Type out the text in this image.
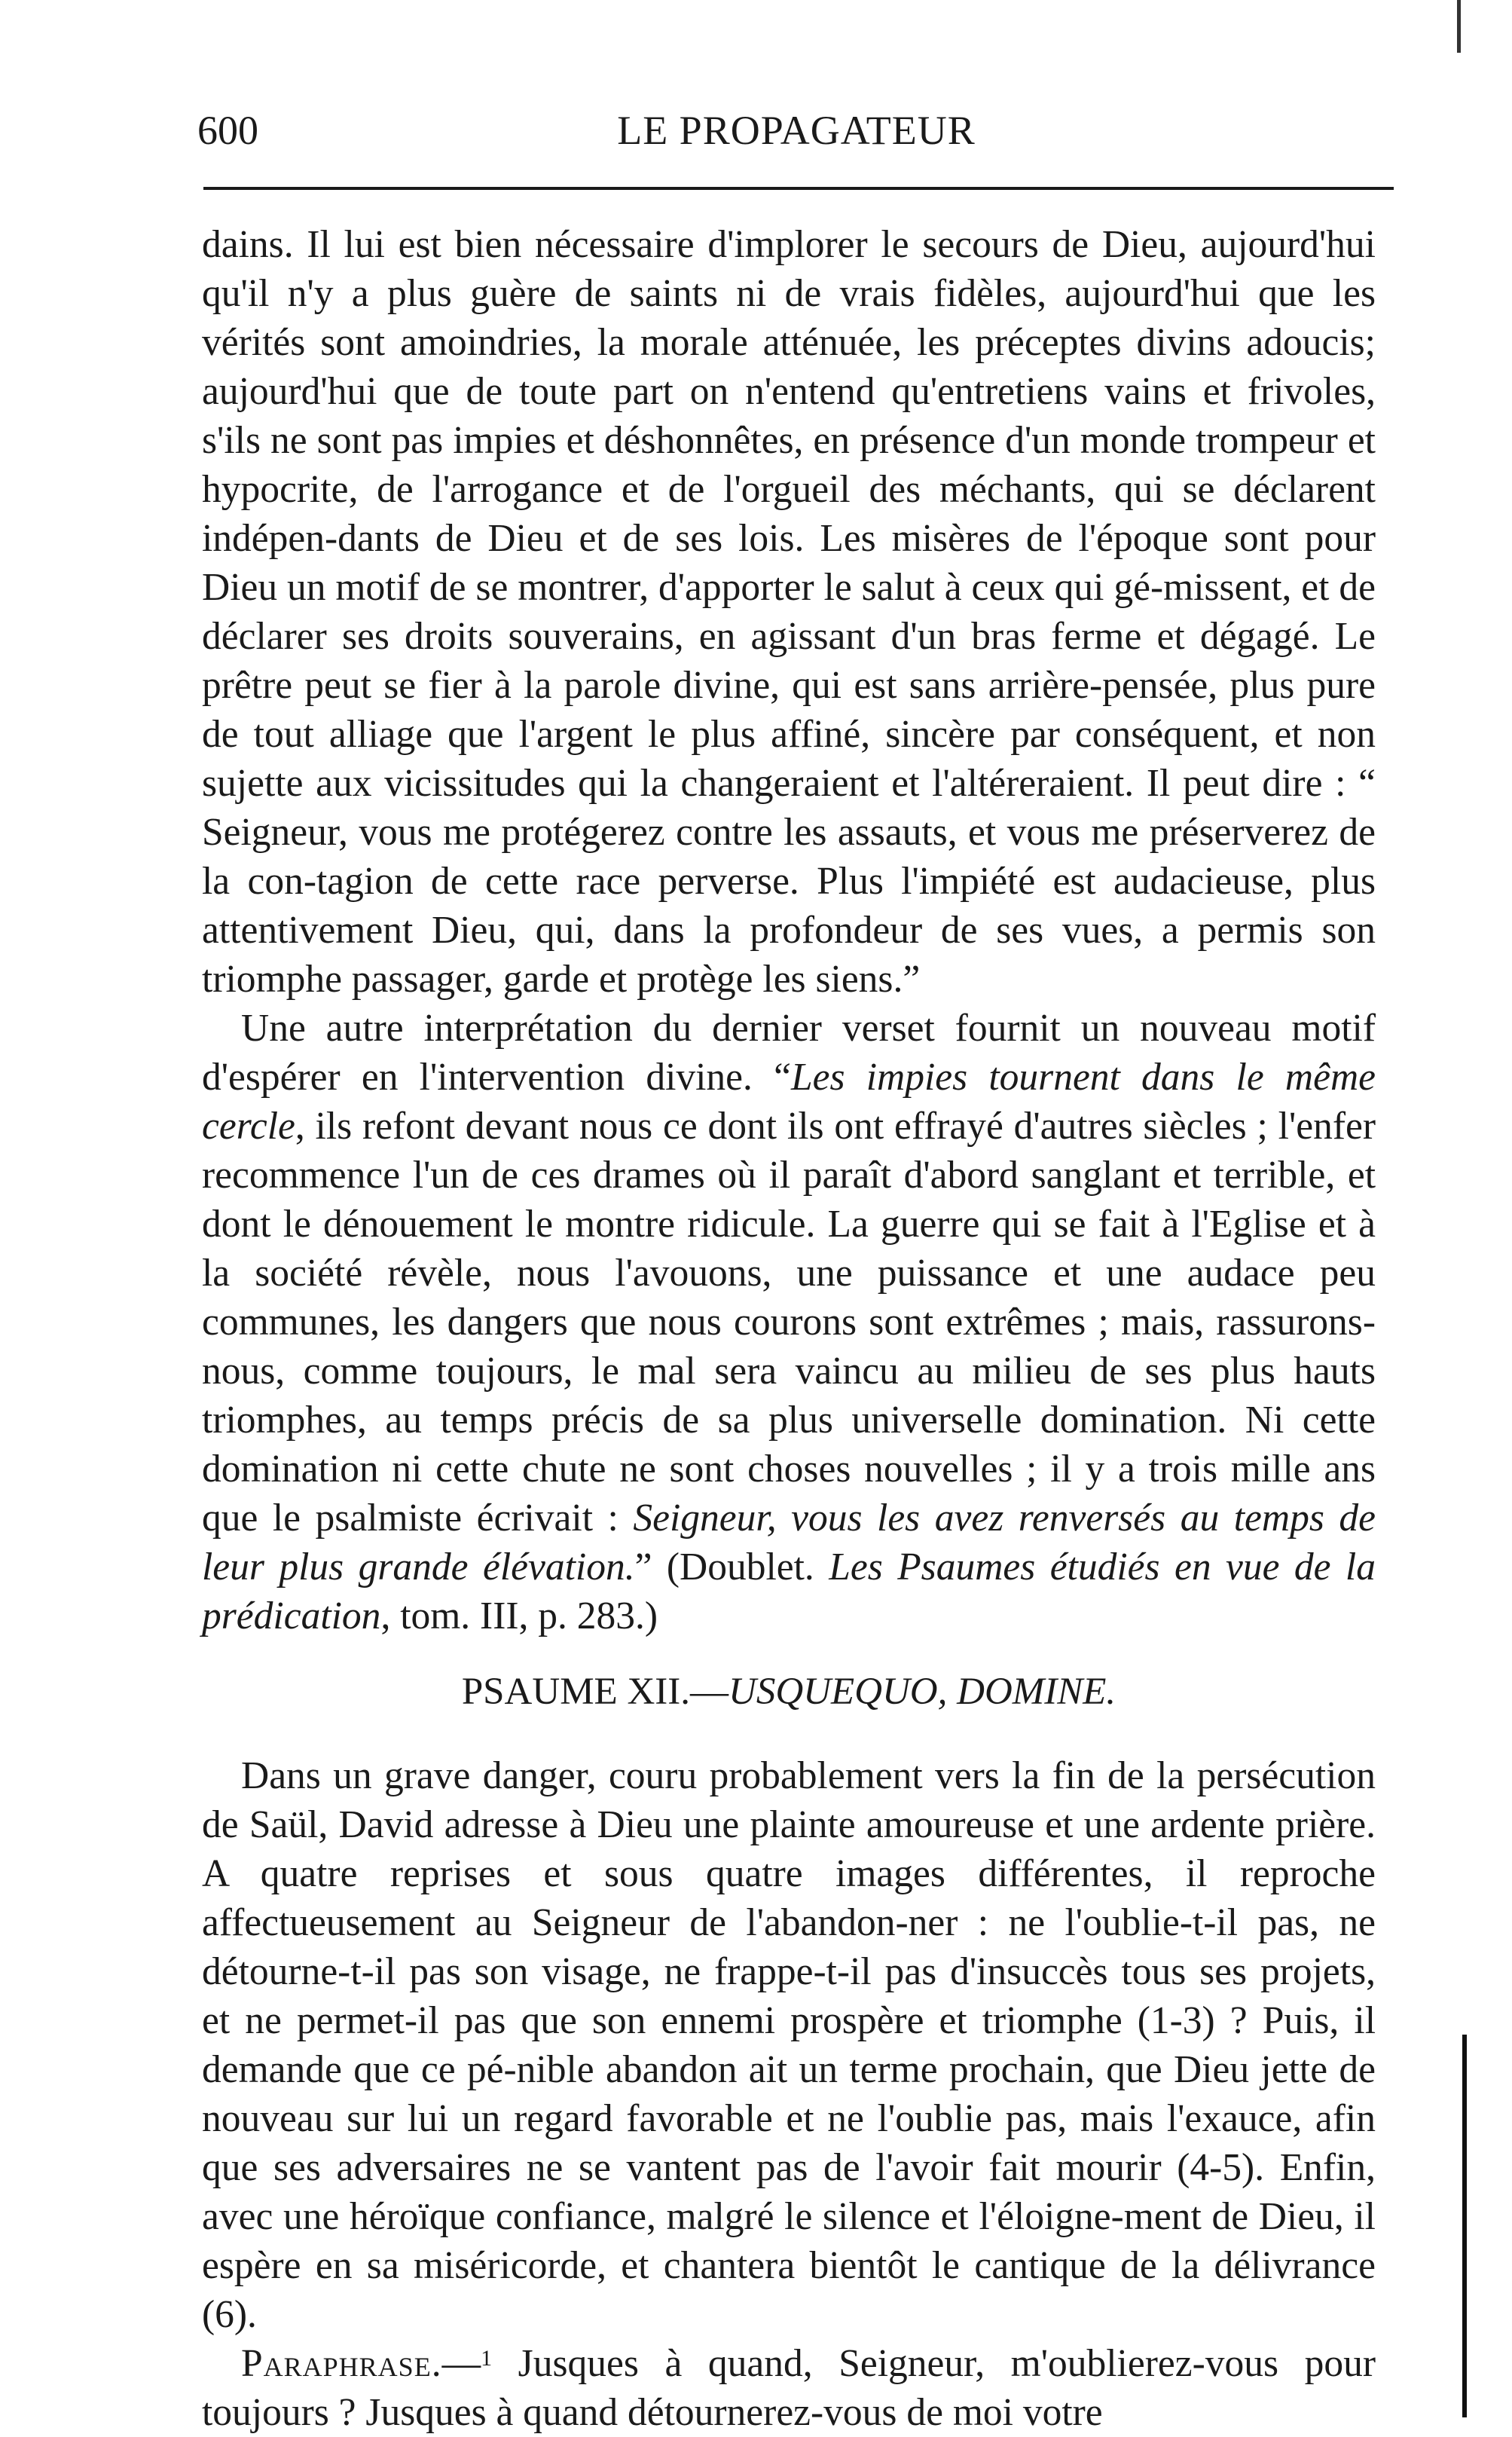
600	LE PROPAGATEUR

dains. Il lui est bien nécessaire d'implorer le secours de Dieu, aujourd'hui qu'il n'y a plus guère de saints ni de vrais fidèles, aujourd'hui que les vérités sont amoindries, la morale atténuée, les préceptes divins adoucis; aujourd'hui que de toute part on n'entend qu'entretiens vains et frivoles, s'ils ne sont pas impies et déshonnêtes, en présence d'un monde trompeur et hypocrite, de l'arrogance et de l'orgueil des méchants, qui se déclarent indépen-dants de Dieu et de ses lois. Les misères de l'époque sont pour Dieu un motif de se montrer, d'apporter le salut à ceux qui gé-missent, et de déclarer ses droits souverains, en agissant d'un bras ferme et dégagé. Le prêtre peut se fier à la parole divine, qui est sans arrière-pensée, plus pure de tout alliage que l'argent le plus affiné, sincère par conséquent, et non sujette aux vicissitudes qui la changeraient et l'altéreraient. Il peut dire : “ Seigneur, vous me protégerez contre les assauts, et vous me préserverez de la con-tagion de cette race perverse. Plus l'impiété est audacieuse, plus attentivement Dieu, qui, dans la profondeur de ses vues, a permis son triomphe passager, garde et protège les siens.”

Une autre interprétation du dernier verset fournit un nouveau motif d'espérer en l'intervention divine. “Les impies tournent dans le même cercle, ils refont devant nous ce dont ils ont effrayé d'autres siècles ; l'enfer recommence l'un de ces drames où il paraît d'abord sanglant et terrible, et dont le dénouement le montre ridicule. La guerre qui se fait à l'Eglise et à la société révèle, nous l'avouons, une puissance et une audace peu communes, les dangers que nous courons sont extrêmes ; mais, rassurons-nous, comme toujours, le mal sera vaincu au milieu de ses plus hauts triomphes, au temps précis de sa plus universelle domination. Ni cette domination ni cette chute ne sont choses nouvelles ; il y a trois mille ans que le psalmiste écrivait : Seigneur, vous les avez renversés au temps de leur plus grande élévation.” (Doublet. Les Psaumes étudiés en vue de la prédication, tom. III, p. 283.)

PSAUME XII.—USQUEQUO, DOMINE.

Dans un grave danger, couru probablement vers la fin de la persécution de Saül, David adresse à Dieu une plainte amoureuse et une ardente prière. A quatre reprises et sous quatre images différentes, il reproche affectueusement au Seigneur de l'abandon-ner : ne l'oublie-t-il pas, ne détourne-t-il pas son visage, ne frappe-t-il pas d'insuccès tous ses projets, et ne permet-il pas que son ennemi prospère et triomphe (1-3) ? Puis, il demande que ce pé-nible abandon ait un terme prochain, que Dieu jette de nouveau sur lui un regard favorable et ne l'oublie pas, mais l'exauce, afin que ses adversaires ne se vantent pas de l'avoir fait mourir (4-5). Enfin, avec une héroïque confiance, malgré le silence et l'éloigne-ment de Dieu, il espère en sa miséricorde, et chantera bientôt le cantique de la délivrance (6).

Paraphrase.—$^1$ Jusques à quand, Seigneur, m'oublierez-vous pour toujours ? Jusques à quand détournerez-vous de moi votre
